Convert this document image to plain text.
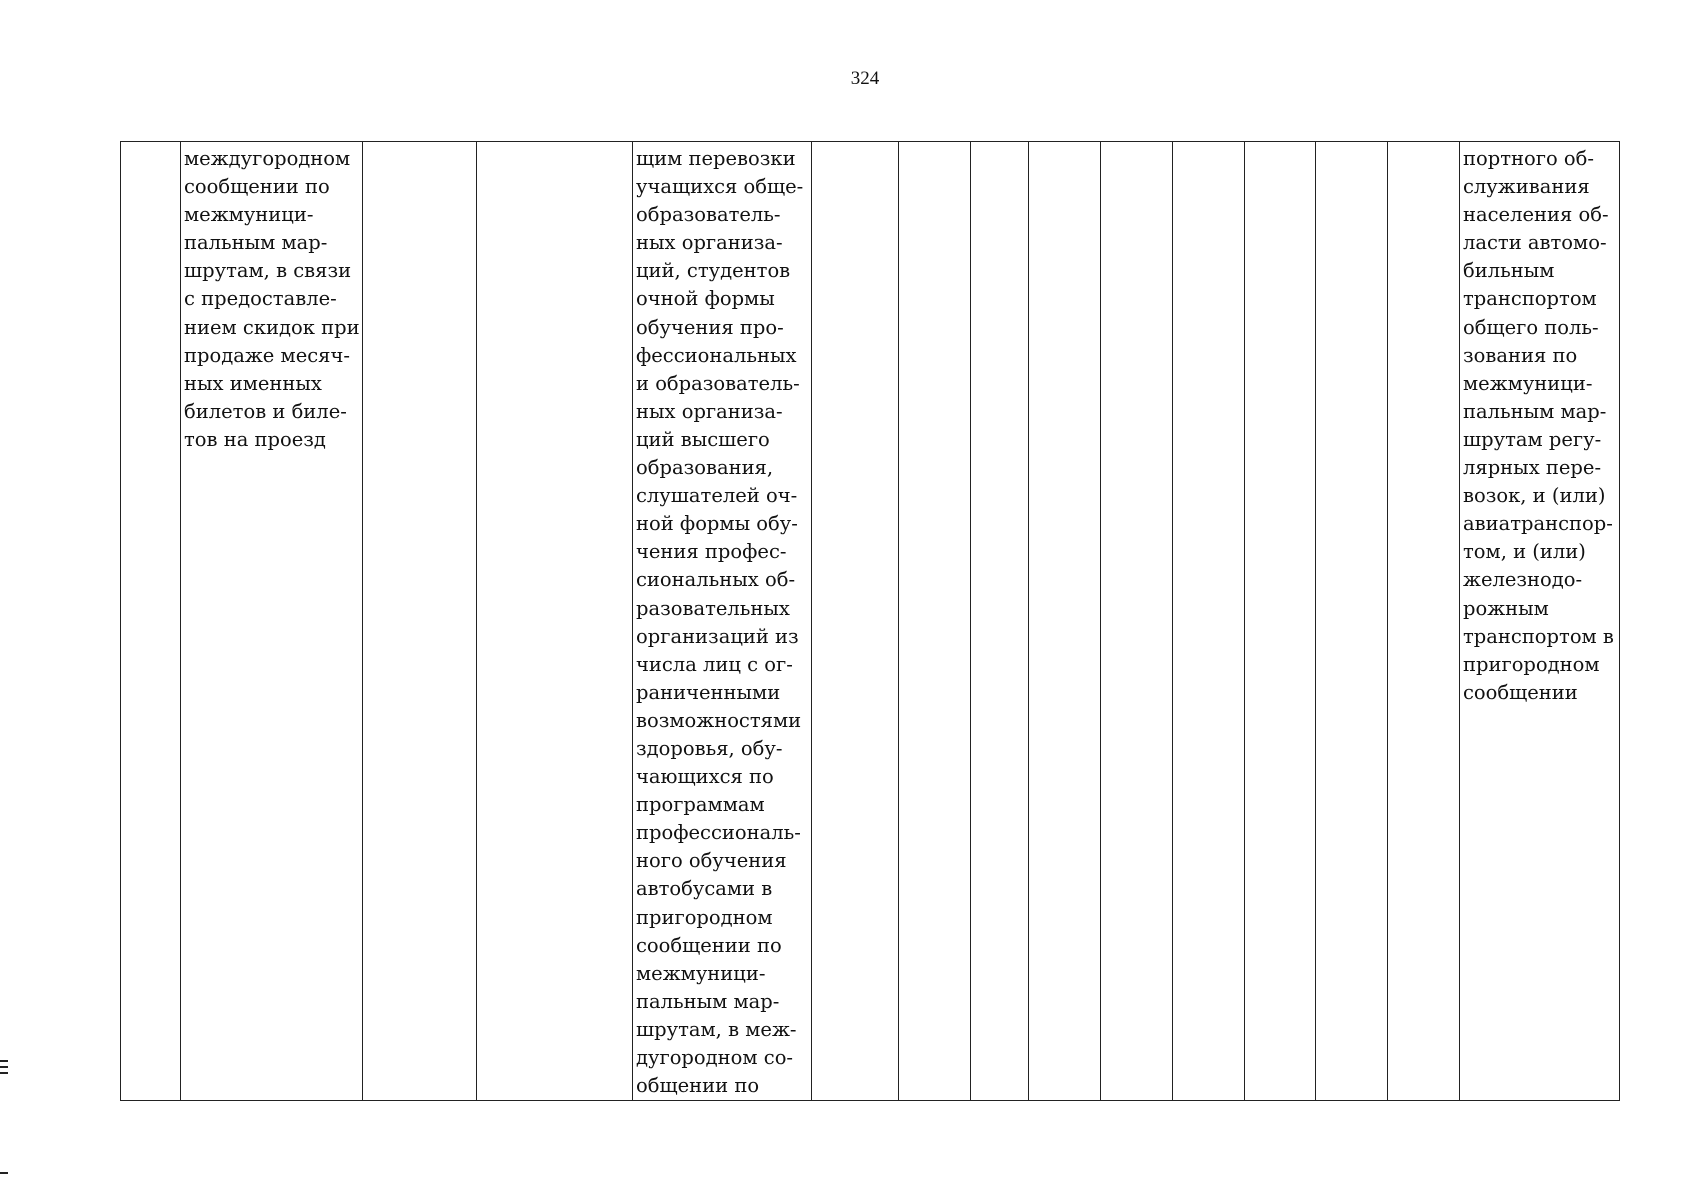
324
	междугородном
сообщении по
межмуници-
пальным мар-
шрутам, в связи
с предоставле-
нием скидок при
продаже месяч-
ных именных
билетов и биле-
тов на проезд			щим перевозки
учащихся обще-
образователь-
ных организа-
ций, студентов
очной формы
обучения про-
фессиональных
и образователь-
ных организа-
ций высшего
образования,
слушателей оч-
ной формы обу-
чения профес-
сиональных об-
разовательных
организаций из
числа лиц с ог-
раниченными
возможностями
здоровья, обу-
чающихся по
программам
профессиональ-
ного обучения
автобусами в
пригородном
сообщении по
межмуници-
пальным мар-
шрутам, в меж-
дугородном со-
общении по										портного об-
служивания
населения об-
ласти автомо-
бильным
транспортом
общего поль-
зования по
межмуници-
пальным мар-
шрутам регу-
лярных пере-
возок, и (или)
авиатранспор-
том, и (или)
железнодо-
рожным
транспортом в
пригородном
сообщении
